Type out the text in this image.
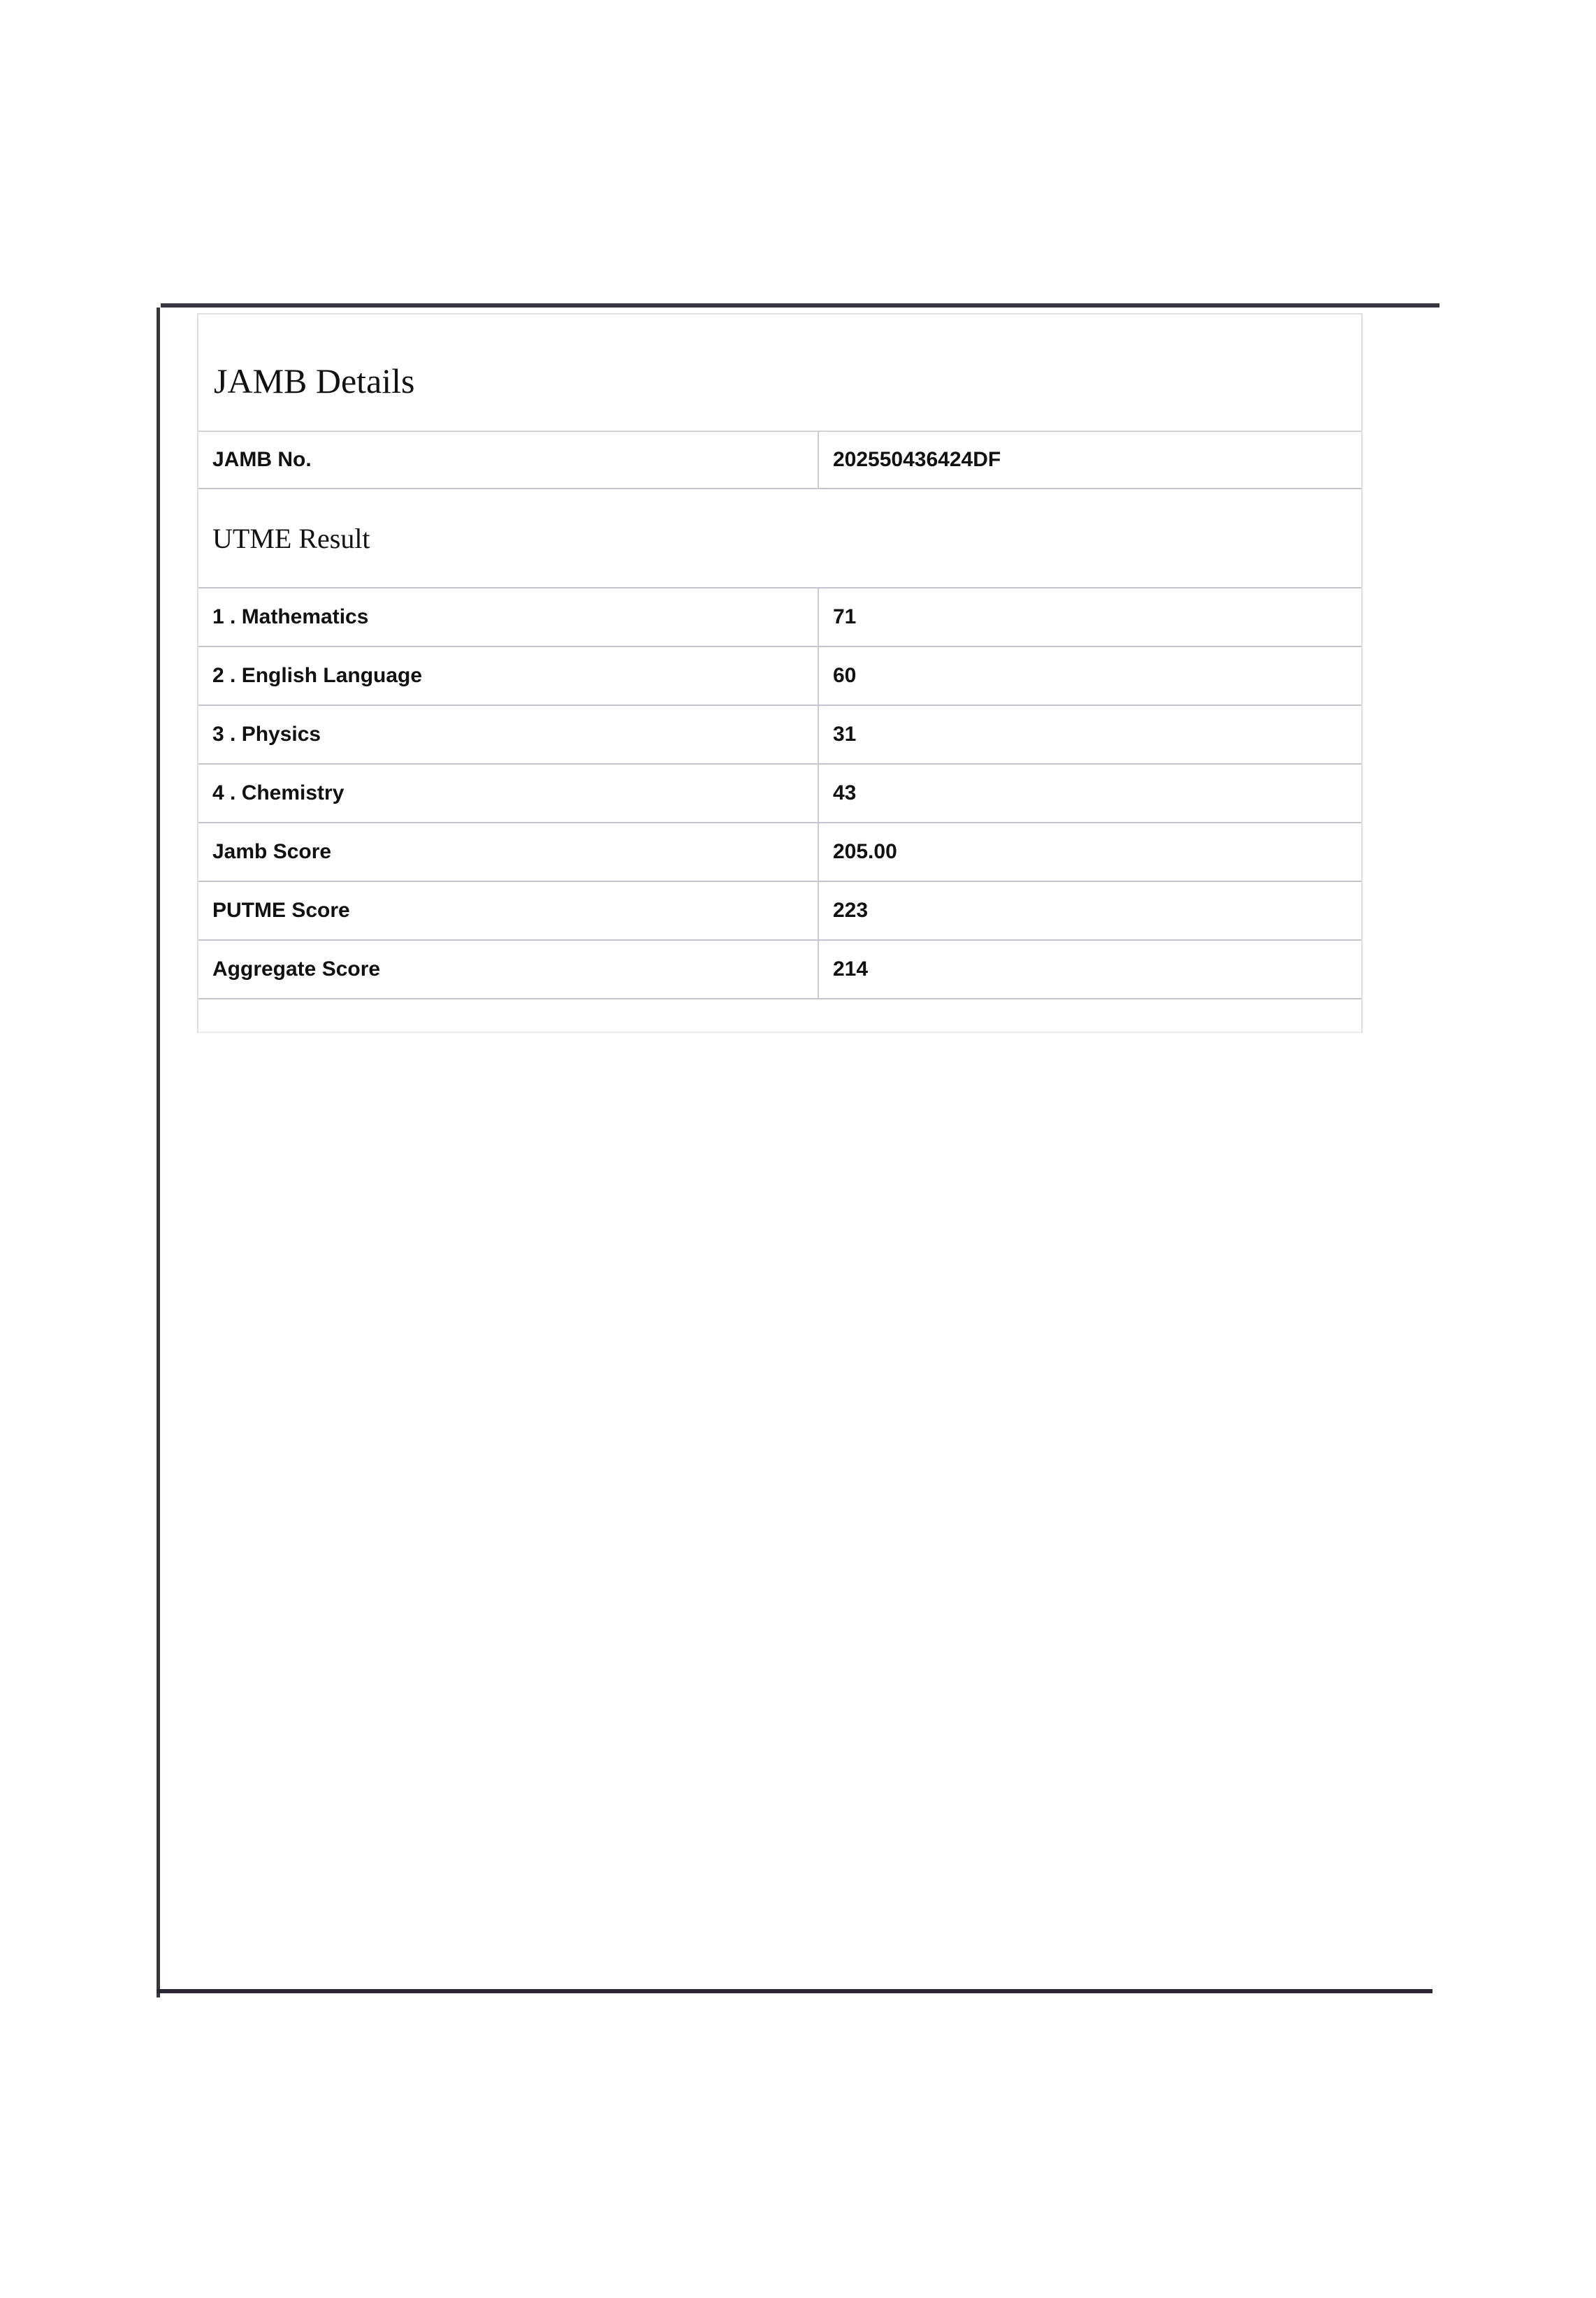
JAMB Details
JAMB No.	202550436424DF
UTME Result	
1 . Mathematics	71
2 . English Language	60
3 . Physics	31
4 . Chemistry	43
Jamb Score	205.00
PUTME Score	223
Aggregate Score	214
